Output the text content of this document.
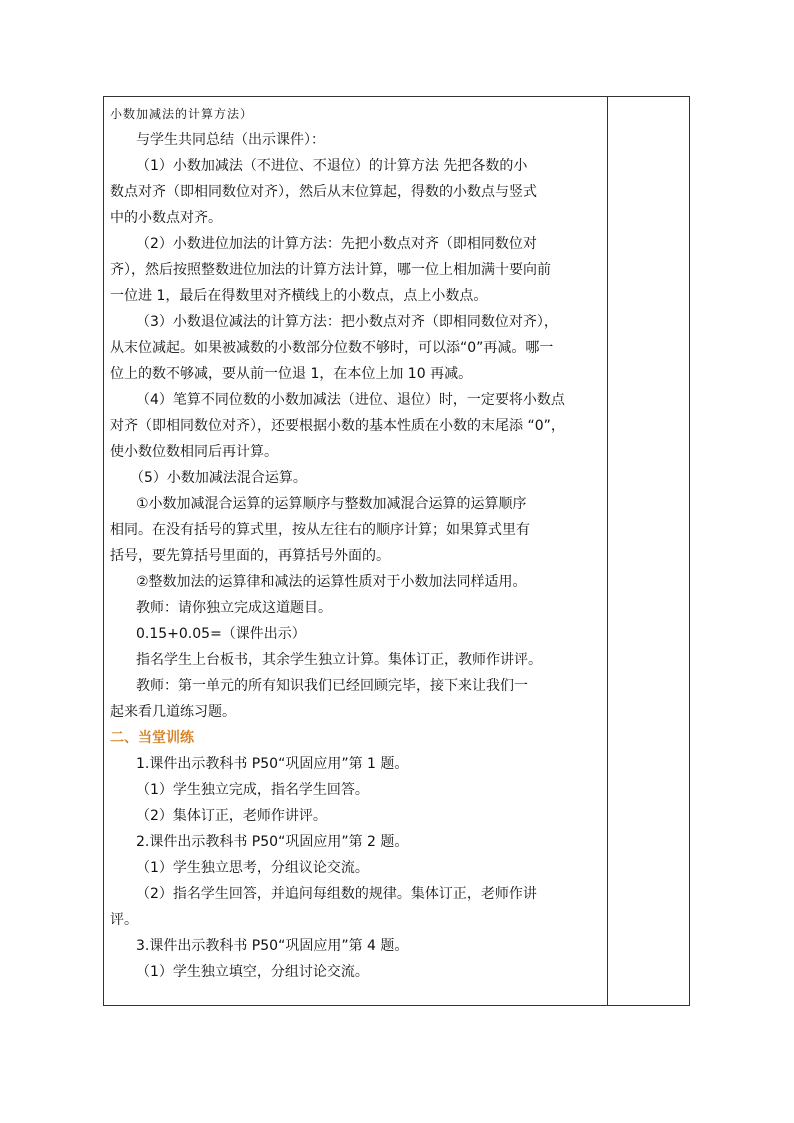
小数加减法的计算方法）
与学生共同总结（出示课件）：
（1）小数加减法（不进位、不退位）的计算方法 先把各数的小
数点对齐（即相同数位对齐），然后从末位算起，得数的小数点与竖式
中的小数点对齐。
（2）小数进位加法的计算方法：先把小数点对齐（即相同数位对
齐），然后按照整数进位加法的计算方法计算，哪一位上相加满十要向前
一位进 1，最后在得数里对齐横线上的小数点，点上小数点。
（3）小数退位减法的计算方法：把小数点对齐（即相同数位对齐），
从末位减起。如果被减数的小数部分位数不够时，可以添“0”再减。哪一
位上的数不够减，要从前一位退 1，在本位上加 10 再减。
（4）笔算不同位数的小数加减法（进位、退位）时，一定要将小数点
对齐（即相同数位对齐），还要根据小数的基本性质在小数的末尾添 “0”，
使小数位数相同后再计算。
（5）小数加减法混合运算。
①小数加减混合运算的运算顺序与整数加减混合运算的运算顺序
相同。在没有括号的算式里，按从左往右的顺序计算；如果算式里有
括号，要先算括号里面的，再算括号外面的。
②整数加法的运算律和减法的运算性质对于小数加法同样适用。
教师：请你独立完成这道题目。
0.15+0.05=（课件出示）
指名学生上台板书，其余学生独立计算。集体订正，教师作讲评。
教师：第一单元的所有知识我们已经回顾完毕，接下来让我们一
起来看几道练习题。
二、当堂训练
1.课件出示教科书 P50“巩固应用”第 1 题。
（1）学生独立完成，指名学生回答。
（2）集体订正，老师作讲评。
2.课件出示教科书 P50“巩固应用”第 2 题。
（1）学生独立思考，分组议论交流。
（2）指名学生回答，并追问每组数的规律。集体订正，老师作讲
评。
3.课件出示教科书 P50“巩固应用”第 4 题。
（1）学生独立填空，分组讨论交流。
